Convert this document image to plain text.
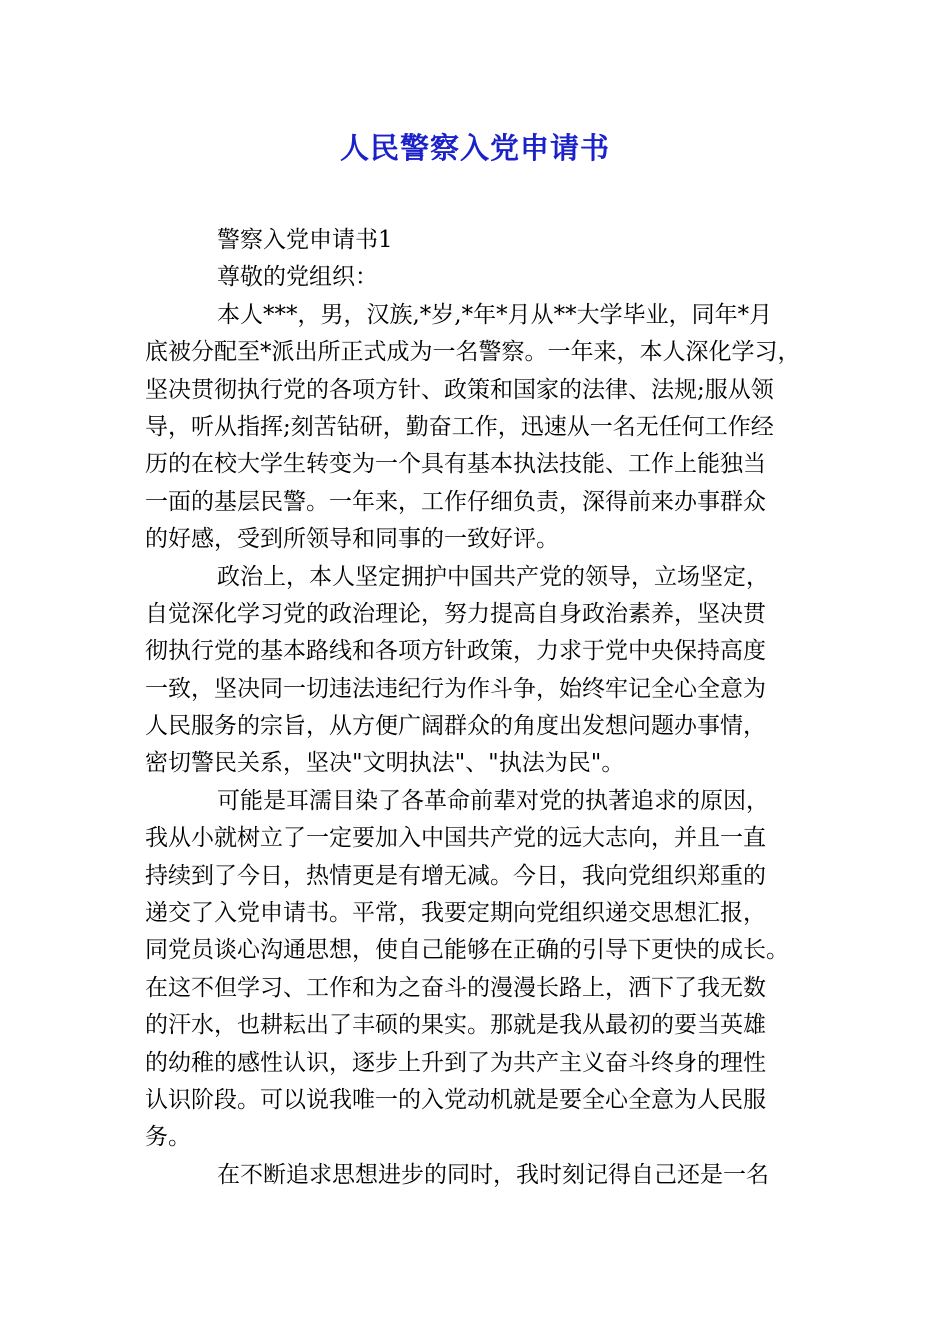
人民警察入党申请书
警察入党申请书1
尊敬的党组织：
本人***，男，汉族,*岁,*年*月从**大学毕业，同年*月
底被分配至*派出所正式成为一名警察。一年来，本人深化学习，
坚决贯彻执行党的各项方针、政策和国家的法律、法规;服从领
导，听从指挥;刻苦钻研，勤奋工作，迅速从一名无任何工作经
历的在校大学生转变为一个具有基本执法技能、工作上能独当
一面的基层民警。一年来，工作仔细负责，深得前来办事群众
的好感，受到所领导和同事的一致好评。
政治上，本人坚定拥护中国共产党的领导，立场坚定，
自觉深化学习党的政治理论，努力提高自身政治素养，坚决贯
彻执行党的基本路线和各项方针政策，力求于党中央保持高度
一致，坚决同一切违法违纪行为作斗争，始终牢记全心全意为
人民服务的宗旨，从方便广阔群众的角度出发想问题办事情，
密切警民关系，坚决"文明执法"、"执法为民"。
可能是耳濡目染了各革命前辈对党的执著追求的原因，
我从小就树立了一定要加入中国共产党的远大志向，并且一直
持续到了今日，热情更是有增无减。今日，我向党组织郑重的
递交了入党申请书。平常，我要定期向党组织递交思想汇报，
同党员谈心沟通思想，使自己能够在正确的引导下更快的成长。
在这不但学习、工作和为之奋斗的漫漫长路上，洒下了我无数
的汗水，也耕耘出了丰硕的果实。那就是我从最初的要当英雄
的幼稚的感性认识，逐步上升到了为共产主义奋斗终身的理性
认识阶段。可以说我唯一的入党动机就是要全心全意为人民服
务。
在不断追求思想进步的同时，我时刻记得自己还是一名
